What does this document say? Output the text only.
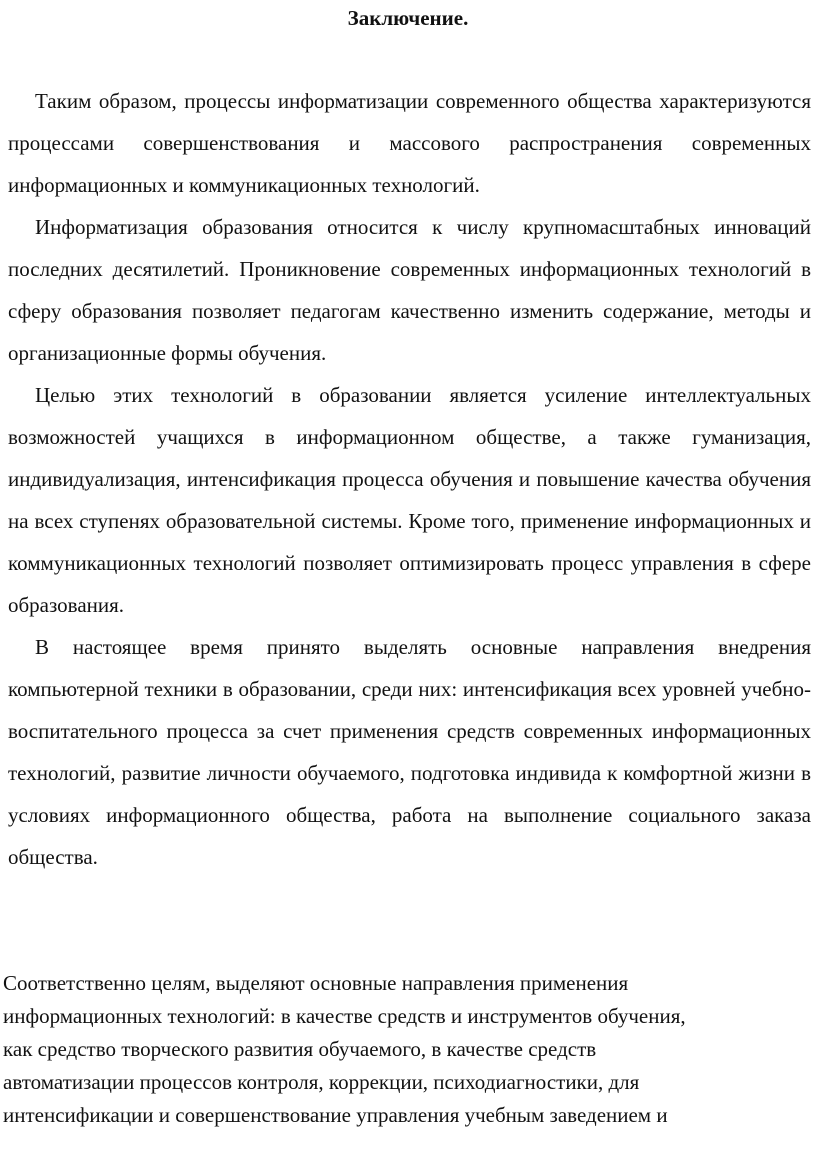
Заключение.

Таким образом, процессы информатизации современного общества характеризуются процессами совершенствования и массового распространения современных информационных и коммуникационных технологий.

Информатизация образования относится к числу крупномасштабных инноваций последних десятилетий. Проникновение современных информационных технологий в сферу образования позволяет педагогам качественно изменить содержание, методы и организационные формы обучения.

Целью этих технологий в образовании является усиление интеллектуальных возможностей учащихся в информационном обществе, а также гуманизация, индивидуализация, интенсификация процесса обучения и повышение качества обучения на всех ступенях образовательной системы. Кроме того, применение информационных и коммуникационных технологий позволяет оптимизировать процесс управления в сфере образования.

В настоящее время принято выделять основные направления внедрения компьютерной техники в образовании, среди них: интенсификация всех уровней учебно-воспитательного процесса за счет применения средств современных информационных технологий, развитие личности обучаемого, подготовка индивида к комфортной жизни в условиях информационного общества, работа на выполнение социального заказа общества.

Соответственно целям, выделяют основные направления применения
информационных технологий: в качестве средств и инструментов обучения,
как средство творческого развития обучаемого, в качестве средств
автоматизации процессов контроля, коррекции, психодиагностики, для
интенсификации и совершенствование управления учебным заведением и
